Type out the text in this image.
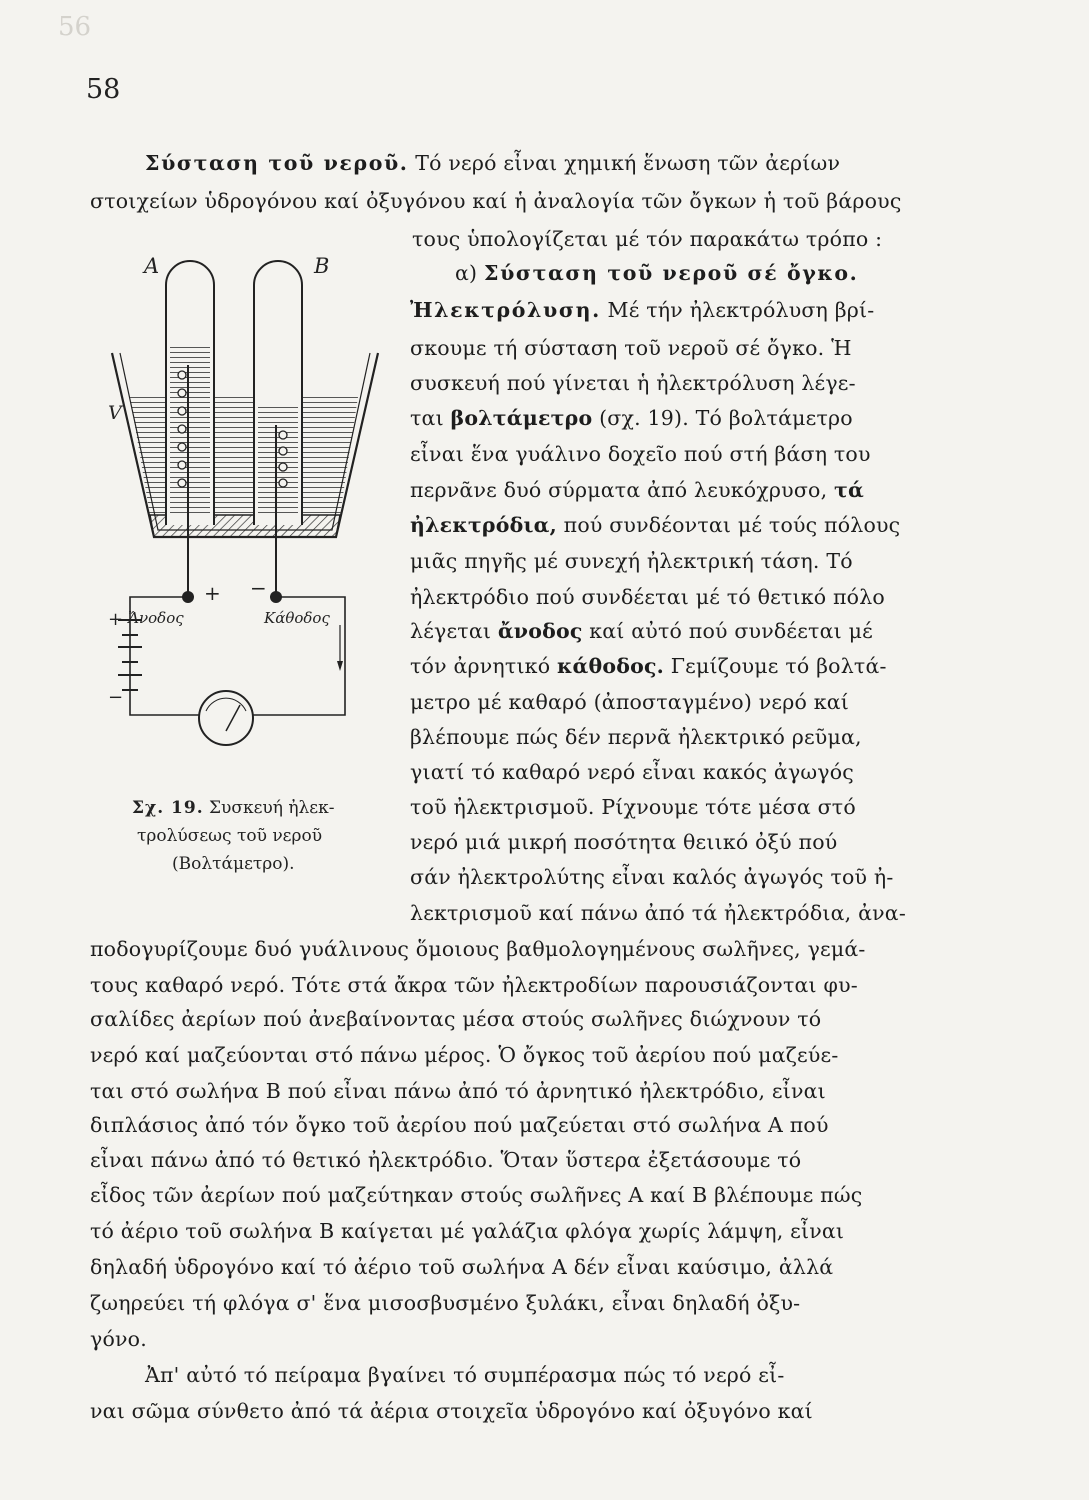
56
58
Σύσταση τοῦ νεροῦ. Τό νερό εἶναι χημική ἕνωση τῶν ἀερίων
στοιχείων ὑδρογόνου καί ὀξυγόνου καί ἡ ἀναλογία τῶν ὄγκων ἡ τοῦ βάρους
τους ὑπολογίζεται μέ τόν παρακάτω τρόπο :
α) Σύσταση τοῦ νεροῦ σέ ὄγκο.
Ἠλεκτρόλυση. Μέ τήν ἠλεκτρόλυση βρί-
σκουμε τή σύσταση τοῦ νεροῦ σέ ὄγκο. Ἡ
συσκευή πού γίνεται ἡ ἠλεκτρόλυση λέγε-
ται βολτάμετρο (σχ. 19). Τό βολτάμετρο
εἶναι ἕνα γυάλινο δοχεῖο πού στή βάση του
περνᾶνε δυό σύρματα ἀπό λευκόχρυσο, τά
ἠλεκτρόδια, πού συνδέονται μέ τούς πόλους
μιᾶς πηγῆς μέ συνεχή ἠλεκτρική τάση. Τό
ἠλεκτρόδιο πού συνδέεται μέ τό θετικό πόλο
λέγεται ἄνοδος καί αὐτό πού συνδέεται μέ
τόν ἀρνητικό κάθοδος. Γεμίζουμε τό βολτά-
μετρο μέ καθαρό (ἀποσταγμένο) νερό καί
βλέπουμε πώς δέν περνᾶ ἠλεκτρικό ρεῦμα,
γιατί τό καθαρό νερό εἶναι κακός ἀγωγός
τοῦ ἠλεκτρισμοῦ. Ρίχνουμε τότε μέσα στό
νερό μιά μικρή ποσότητα θειικό ὀξύ πού
σάν ἠλεκτρολύτης εἶναι καλός ἀγωγός τοῦ ἠ-
λεκτρισμοῦ καί πάνω ἀπό τά ἠλεκτρόδια, ἀνα-
ποδογυρίζουμε δυό γυάλινους ὅμοιους βαθμολογημένους σωλῆνες, γεμά-
τους καθαρό νερό. Τότε στά ἄκρα τῶν ἠλεκτροδίων παρουσιάζονται φυ-
σαλίδες ἀερίων πού ἀνεβαίνοντας μέσα στούς σωλῆνες διώχνουν τό
νερό καί μαζεύονται στό πάνω μέρος. Ὁ ὄγκος τοῦ ἀερίου πού μαζεύε-
ται στό σωλήνα Β πού εἶναι πάνω ἀπό τό ἀρνητικό ἠλεκτρόδιο, εἶναι
διπλάσιος ἀπό τόν ὄγκο τοῦ ἀερίου πού μαζεύεται στό σωλήνα Α πού
εἶναι πάνω ἀπό τό θετικό ἠλεκτρόδιο. Ὅταν ὕστερα ἐξετάσουμε τό
εἶδος τῶν ἀερίων πού μαζεύτηκαν στούς σωλῆνες Α καί Β βλέπουμε πώς
τό ἀέριο τοῦ σωλήνα Β καίγεται μέ γαλάζια φλόγα χωρίς λάμψη, εἶναι
δηλαδή ὑδρογόνο καί τό ἀέριο τοῦ σωλήνα Α δέν εἶναι καύσιμο, ἀλλά
ζωηρεύει τή φλόγα σ' ἕνα μισοσβυσμένο ξυλάκι, εἶναι δηλαδή ὀξυ-
γόνο.
Ἀπ' αὐτό τό πείραμα βγαίνει τό συμπέρασμα πώς τό νερό εἶ-
ναι σῶμα σύνθετο ἀπό τά ἀέρια στοιχεῖα ὑδρογόνο καί ὀξυγόνο καί
A	B
V
+ −
+
−
Ἄνοδος	Κάθοδος
Σχ. 19. Συσκευή ἠλεκ-
τρολύσεως τοῦ νεροῦ
(Βολτάμετρο).
